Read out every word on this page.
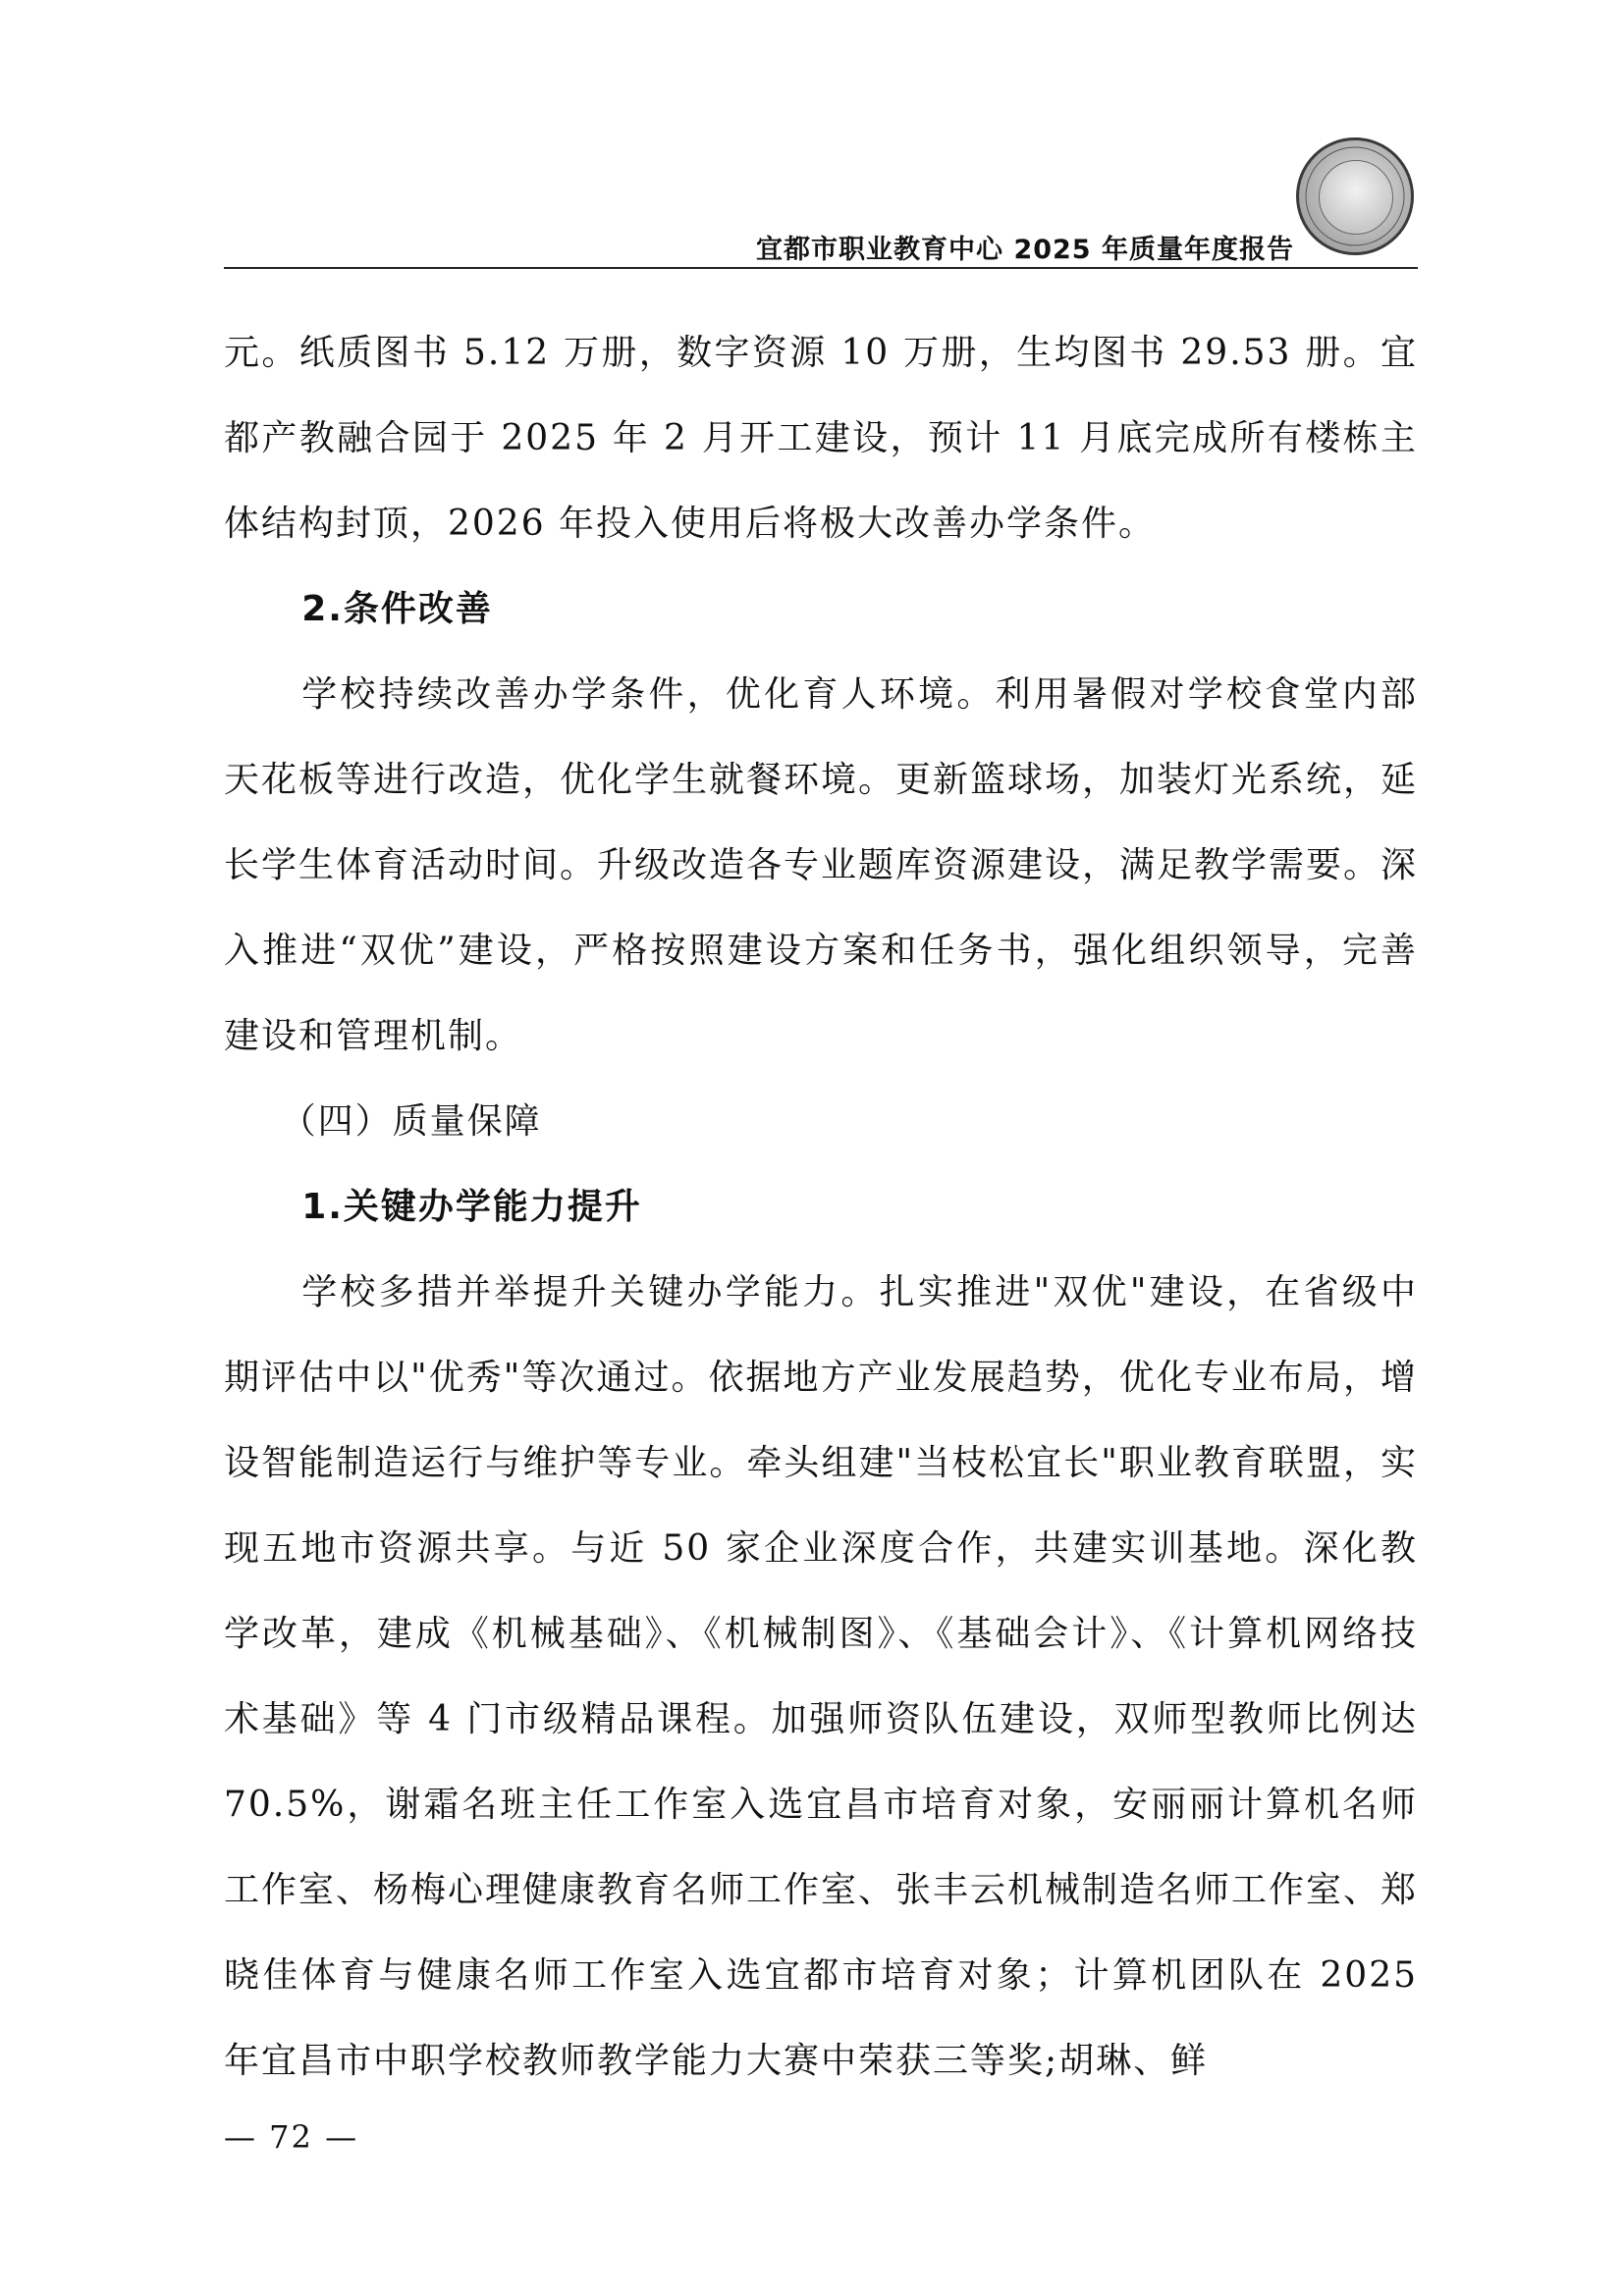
宜都市职业教育中心 2025 年质量年度报告

元。纸质图书 5.12 万册，数字资源 10 万册，生均图书 29.53 册。宜都产教融合园于 2025 年 2 月开工建设，预计 11 月底完成所有楼栋主体结构封顶，2026 年投入使用后将极大改善办学条件。

2.条件改善

学校持续改善办学条件，优化育人环境。利用暑假对学校食堂内部天花板等进行改造，优化学生就餐环境。更新篮球场，加装灯光系统，延长学生体育活动时间。升级改造各专业题库资源建设，满足教学需要。深入推进“双优”建设，严格按照建设方案和任务书，强化组织领导，完善建设和管理机制。

（四）质量保障

1.关键办学能力提升

学校多措并举提升关键办学能力。扎实推进"双优"建设，在省级中期评估中以"优秀"等次通过。依据地方产业发展趋势，优化专业布局，增设智能制造运行与维护等专业。牵头组建"当枝松宜长"职业教育联盟，实现五地市资源共享。与近 50 家企业深度合作，共建实训基地。深化教学改革，建成《机械基础》、《机械制图》、《基础会计》、《计算机网络技术基础》等 4 门市级精品课程。加强师资队伍建设，双师型教师比例达 70.5%，谢霜名班主任工作室入选宜昌市培育对象，安丽丽计算机名师工作室、杨梅心理健康教育名师工作室、张丰云机械制造名师工作室、郑晓佳体育与健康名师工作室入选宜都市培育对象；计算机团队在 2025 年宜昌市中职学校教师教学能力大赛中荣获三等奖;胡琳、鲜

— 72 —
